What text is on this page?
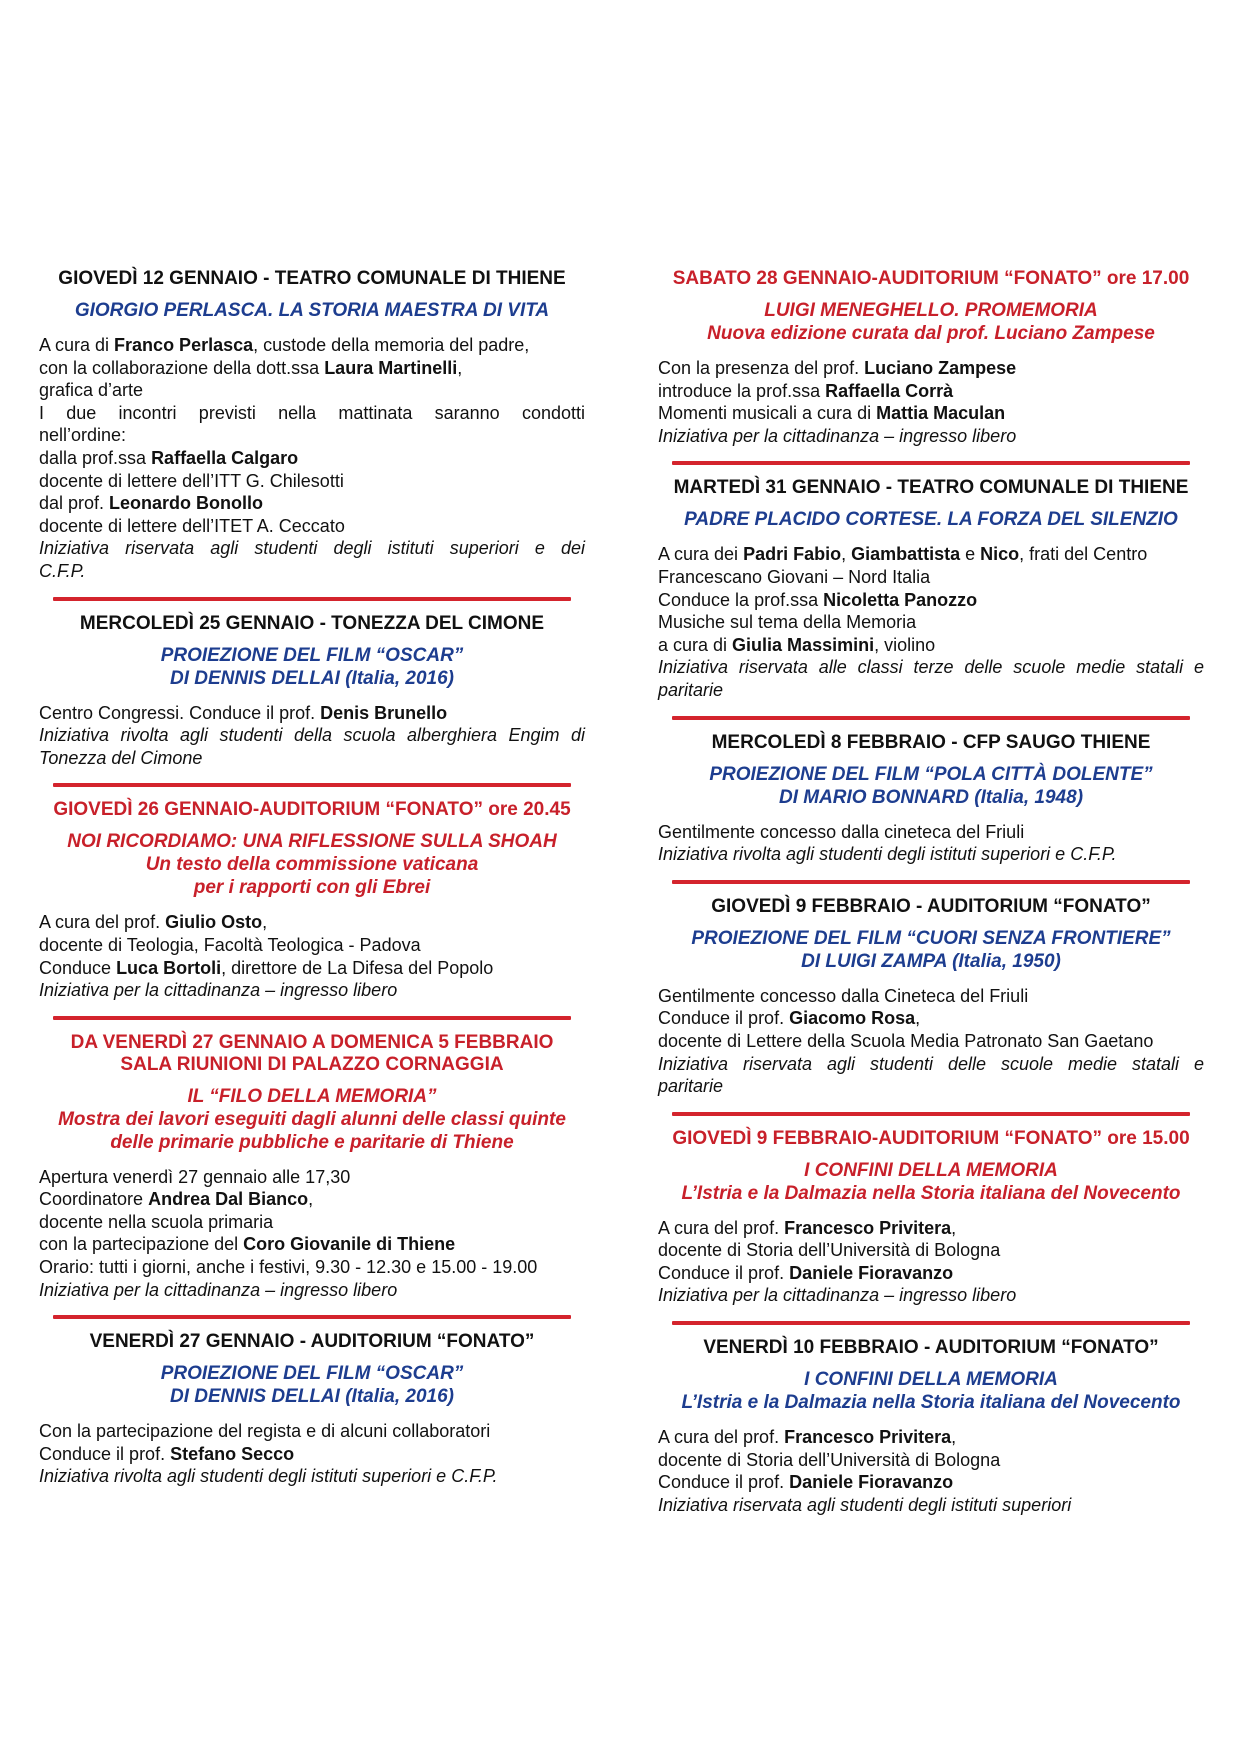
GIOVEDÌ 12 GENNAIO - TEATRO COMUNALE DI THIENE
GIORGIO PERLASCA. LA STORIA MAESTRA DI VITA
A cura di Franco Perlasca, custode della memoria del padre,
con la collaborazione della dott.ssa Laura Martinelli,
grafica d’arte
I due incontri previsti nella mattinata saranno condotti
nell’ordine:
dalla prof.ssa Raffaella Calgaro
docente di lettere dell’ITT G. Chilesotti
dal prof. Leonardo Bonollo
docente di lettere dell’ITET A. Ceccato
Iniziativa riservata agli studenti degli istituti superiori e dei
C.F.P.
MERCOLEDÌ 25 GENNAIO - TONEZZA DEL CIMONE
PROIEZIONE DEL FILM “OSCAR”
DI DENNIS DELLAI (Italia, 2016)
Centro Congressi. Conduce il prof. Denis Brunello
Iniziativa rivolta agli studenti della scuola alberghiera Engim di
Tonezza del Cimone
GIOVEDÌ 26 GENNAIO-AUDITORIUM “FONATO” ore 20.45
NOI RICORDIAMO: UNA RIFLESSIONE SULLA SHOAH
Un testo della commissione vaticana
per i rapporti con gli Ebrei
A cura del prof. Giulio Osto,
docente di Teologia, Facoltà Teologica - Padova
Conduce Luca Bortoli, direttore de La Difesa del Popolo
Iniziativa per la cittadinanza – ingresso libero
DA VENERDÌ 27 GENNAIO A DOMENICA 5 FEBBRAIO
SALA RIUNIONI DI PALAZZO CORNAGGIA
IL “FILO DELLA MEMORIA”
Mostra dei lavori eseguiti dagli alunni delle classi quinte
delle primarie pubbliche e paritarie di Thiene
Apertura venerdì 27 gennaio alle 17,30
Coordinatore Andrea Dal Bianco,
docente nella scuola primaria
con la partecipazione del Coro Giovanile di Thiene
Orario: tutti i giorni, anche i festivi, 9.30 - 12.30 e 15.00 - 19.00
Iniziativa per la cittadinanza – ingresso libero
VENERDÌ 27 GENNAIO - AUDITORIUM “FONATO”
PROIEZIONE DEL FILM “OSCAR”
DI DENNIS DELLAI (Italia, 2016)
Con la partecipazione del regista e di alcuni collaboratori
Conduce il prof. Stefano Secco
Iniziativa rivolta agli studenti degli istituti superiori e C.F.P.
SABATO 28 GENNAIO-AUDITORIUM “FONATO” ore 17.00
LUIGI MENEGHELLO. PROMEMORIA
Nuova edizione curata dal prof. Luciano Zampese
Con la presenza del prof. Luciano Zampese
introduce la prof.ssa Raffaella Corrà
Momenti musicali a cura di Mattia Maculan
Iniziativa per la cittadinanza – ingresso libero
MARTEDÌ 31 GENNAIO - TEATRO COMUNALE DI THIENE
PADRE PLACIDO CORTESE. LA FORZA DEL SILENZIO
A cura dei Padri Fabio, Giambattista e Nico, frati del Centro
Francescano Giovani – Nord Italia
Conduce la prof.ssa Nicoletta Panozzo
Musiche sul tema della Memoria
a cura di Giulia Massimini, violino
Iniziativa riservata alle classi terze delle scuole medie statali e
paritarie
MERCOLEDÌ 8 FEBBRAIO - CFP SAUGO THIENE
PROIEZIONE DEL FILM “POLA CITTÀ DOLENTE”
DI MARIO BONNARD (Italia, 1948)
Gentilmente concesso dalla cineteca del Friuli
Iniziativa rivolta agli studenti degli istituti superiori e C.F.P.
GIOVEDÌ 9 FEBBRAIO - AUDITORIUM “FONATO”
PROIEZIONE DEL FILM “CUORI SENZA FRONTIERE”
DI LUIGI ZAMPA (Italia, 1950)
Gentilmente concesso dalla Cineteca del Friuli
Conduce il prof. Giacomo Rosa,
docente di Lettere della Scuola Media Patronato San Gaetano
Iniziativa riservata agli studenti delle scuole medie statali e
paritarie
GIOVEDÌ 9 FEBBRAIO-AUDITORIUM “FONATO” ore 15.00
I CONFINI DELLA MEMORIA
L’Istria e la Dalmazia nella Storia italiana del Novecento
A cura del prof. Francesco Privitera,
docente di Storia dell’Università di Bologna
Conduce il prof. Daniele Fioravanzo
Iniziativa per la cittadinanza – ingresso libero
VENERDÌ 10 FEBBRAIO - AUDITORIUM “FONATO”
I CONFINI DELLA MEMORIA
L’Istria e la Dalmazia nella Storia italiana del Novecento
A cura del prof. Francesco Privitera,
docente di Storia dell’Università di Bologna
Conduce il prof. Daniele Fioravanzo
Iniziativa riservata agli studenti degli istituti superiori
